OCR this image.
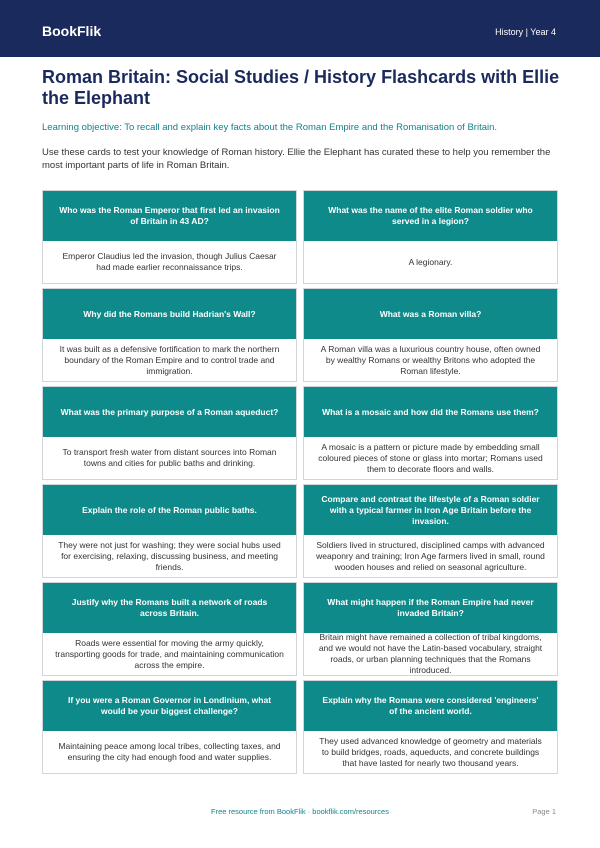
BookFlik	History | Year 4
Roman Britain: Social Studies / History Flashcards with Ellie the Elephant
Learning objective: To recall and explain key facts about the Roman Empire and the Romanisation of Britain.
Use these cards to test your knowledge of Roman history. Ellie the Elephant has curated these to help you remember the most important parts of life in Roman Britain.
Who was the Roman Emperor that first led an invasion of Britain in 43 AD?
Emperor Claudius led the invasion, though Julius Caesar had made earlier reconnaissance trips.
What was the name of the elite Roman soldier who served in a legion?
A legionary.
Why did the Romans build Hadrian's Wall?
It was built as a defensive fortification to mark the northern boundary of the Roman Empire and to control trade and immigration.
What was a Roman villa?
A Roman villa was a luxurious country house, often owned by wealthy Romans or wealthy Britons who adopted the Roman lifestyle.
What was the primary purpose of a Roman aqueduct?
To transport fresh water from distant sources into Roman towns and cities for public baths and drinking.
What is a mosaic and how did the Romans use them?
A mosaic is a pattern or picture made by embedding small coloured pieces of stone or glass into mortar; Romans used them to decorate floors and walls.
Explain the role of the Roman public baths.
They were not just for washing; they were social hubs used for exercising, relaxing, discussing business, and meeting friends.
Compare and contrast the lifestyle of a Roman soldier with a typical farmer in Iron Age Britain before the invasion.
Soldiers lived in structured, disciplined camps with advanced weaponry and training; Iron Age farmers lived in small, round wooden houses and relied on seasonal agriculture.
Justify why the Romans built a network of roads across Britain.
Roads were essential for moving the army quickly, transporting goods for trade, and maintaining communication across the empire.
What might happen if the Roman Empire had never invaded Britain?
Britain might have remained a collection of tribal kingdoms, and we would not have the Latin-based vocabulary, straight roads, or urban planning techniques that the Romans introduced.
If you were a Roman Governor in Londinium, what would be your biggest challenge?
Maintaining peace among local tribes, collecting taxes, and ensuring the city had enough food and water supplies.
Explain why the Romans were considered 'engineers' of the ancient world.
They used advanced knowledge of geometry and materials to build bridges, roads, aqueducts, and concrete buildings that have lasted for nearly two thousand years.
Free resource from BookFlik · bookflik.com/resources	Page 1
